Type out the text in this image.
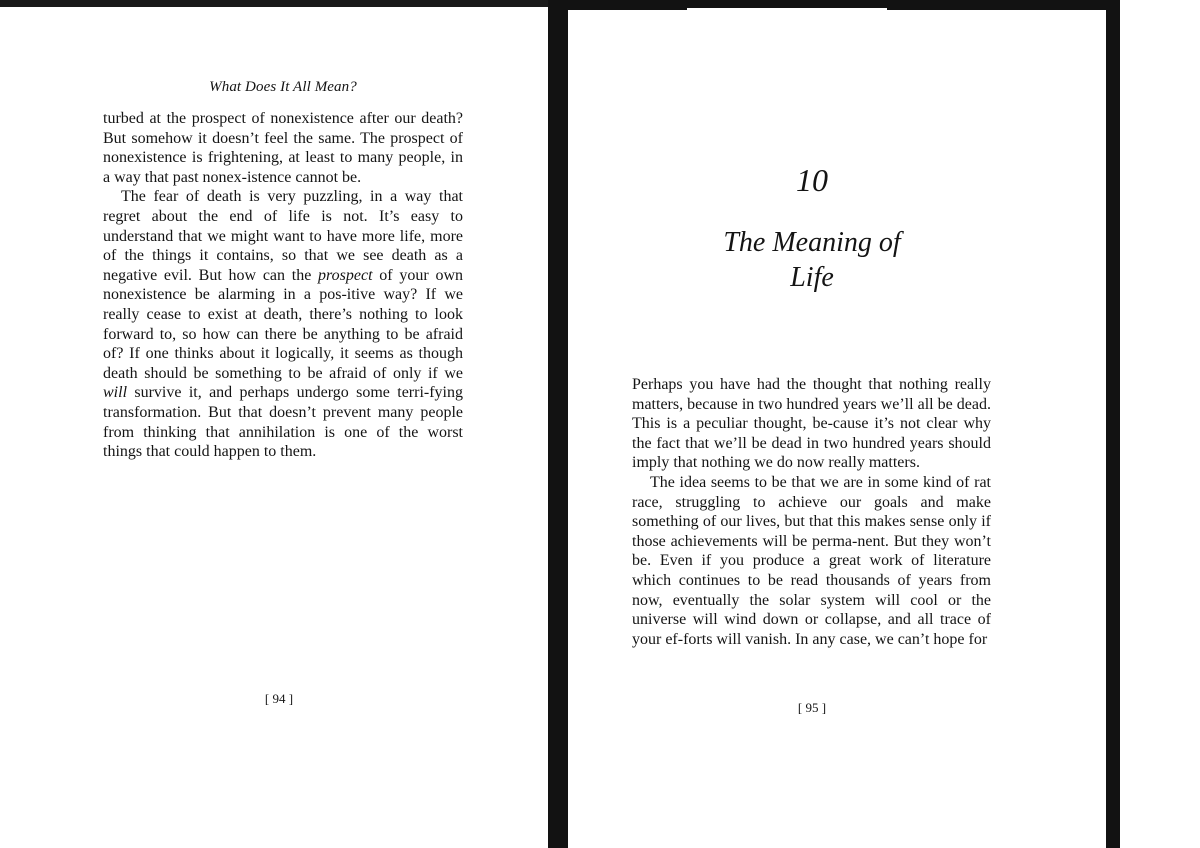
What Does It All Mean?

turbed at the prospect of nonexistence after our death? But somehow it doesn’t feel the same. The prospect of nonexistence is frightening, at least to many people, in a way that past nonex-istence cannot be.

The fear of death is very puzzling, in a way that regret about the end of life is not. It’s easy to understand that we might want to have more life, more of the things it contains, so that we see death as a negative evil. But how can the prospect of your own nonexistence be alarming in a pos-itive way? If we really cease to exist at death, there’s nothing to look forward to, so how can there be anything to be afraid of? If one thinks about it logically, it seems as though death should be something to be afraid of only if we will survive it, and perhaps undergo some terri-fying transformation. But that doesn’t prevent many people from thinking that annihilation is one of the worst things that could happen to them.

[ 94 ]
10
The Meaning of
Life

Perhaps you have had the thought that nothing really matters, because in two hundred years we’ll all be dead. This is a peculiar thought, be-cause it’s not clear why the fact that we’ll be dead in two hundred years should imply that nothing we do now really matters.

The idea seems to be that we are in some kind of rat race, struggling to achieve our goals and make something of our lives, but that this makes sense only if those achievements will be perma-nent. But they won’t be. Even if you produce a great work of literature which continues to be read thousands of years from now, eventually the solar system will cool or the universe will wind down or collapse, and all trace of your ef-forts will vanish. In any case, we can’t hope for

[ 95 ]
